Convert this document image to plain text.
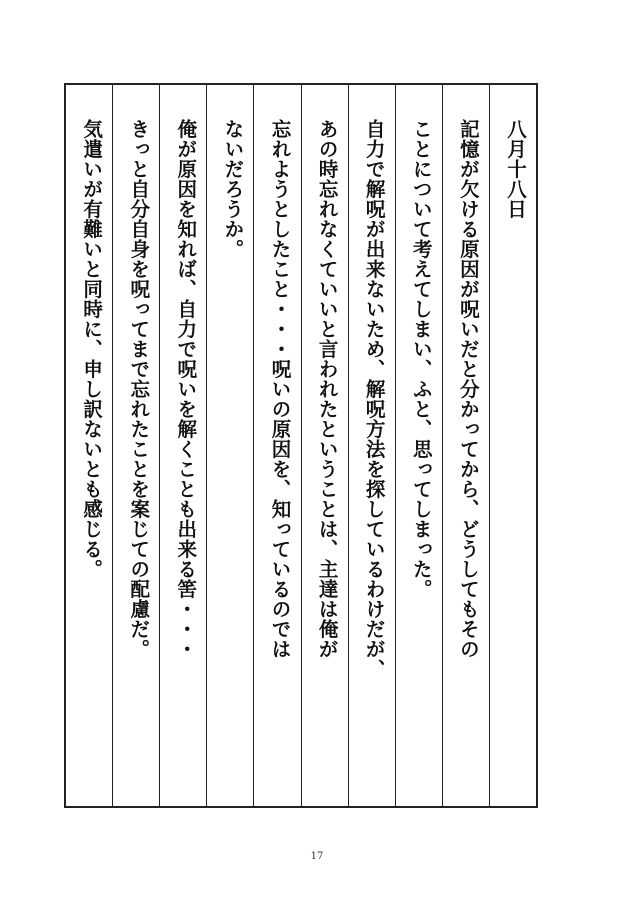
八月十八日
記憶が欠ける原因が呪いだと分かってから、どうしてもその
ことについて考えてしまい、ふと、思ってしまった。
自力で解呪が出来ないため、解呪方法を探しているわけだが、
あの時忘れなくていいと言われたということは、主達は俺が
忘れようとしたこと・・・呪いの原因を、知っているのでは
ないだろうか。
俺が原因を知れば、自力で呪いを解くことも出来る筈・・・
きっと自分自身を呪ってまで忘れたことを案じての配慮だ。
気遣いが有難いと同時に、申し訳ないとも感じる。
17
